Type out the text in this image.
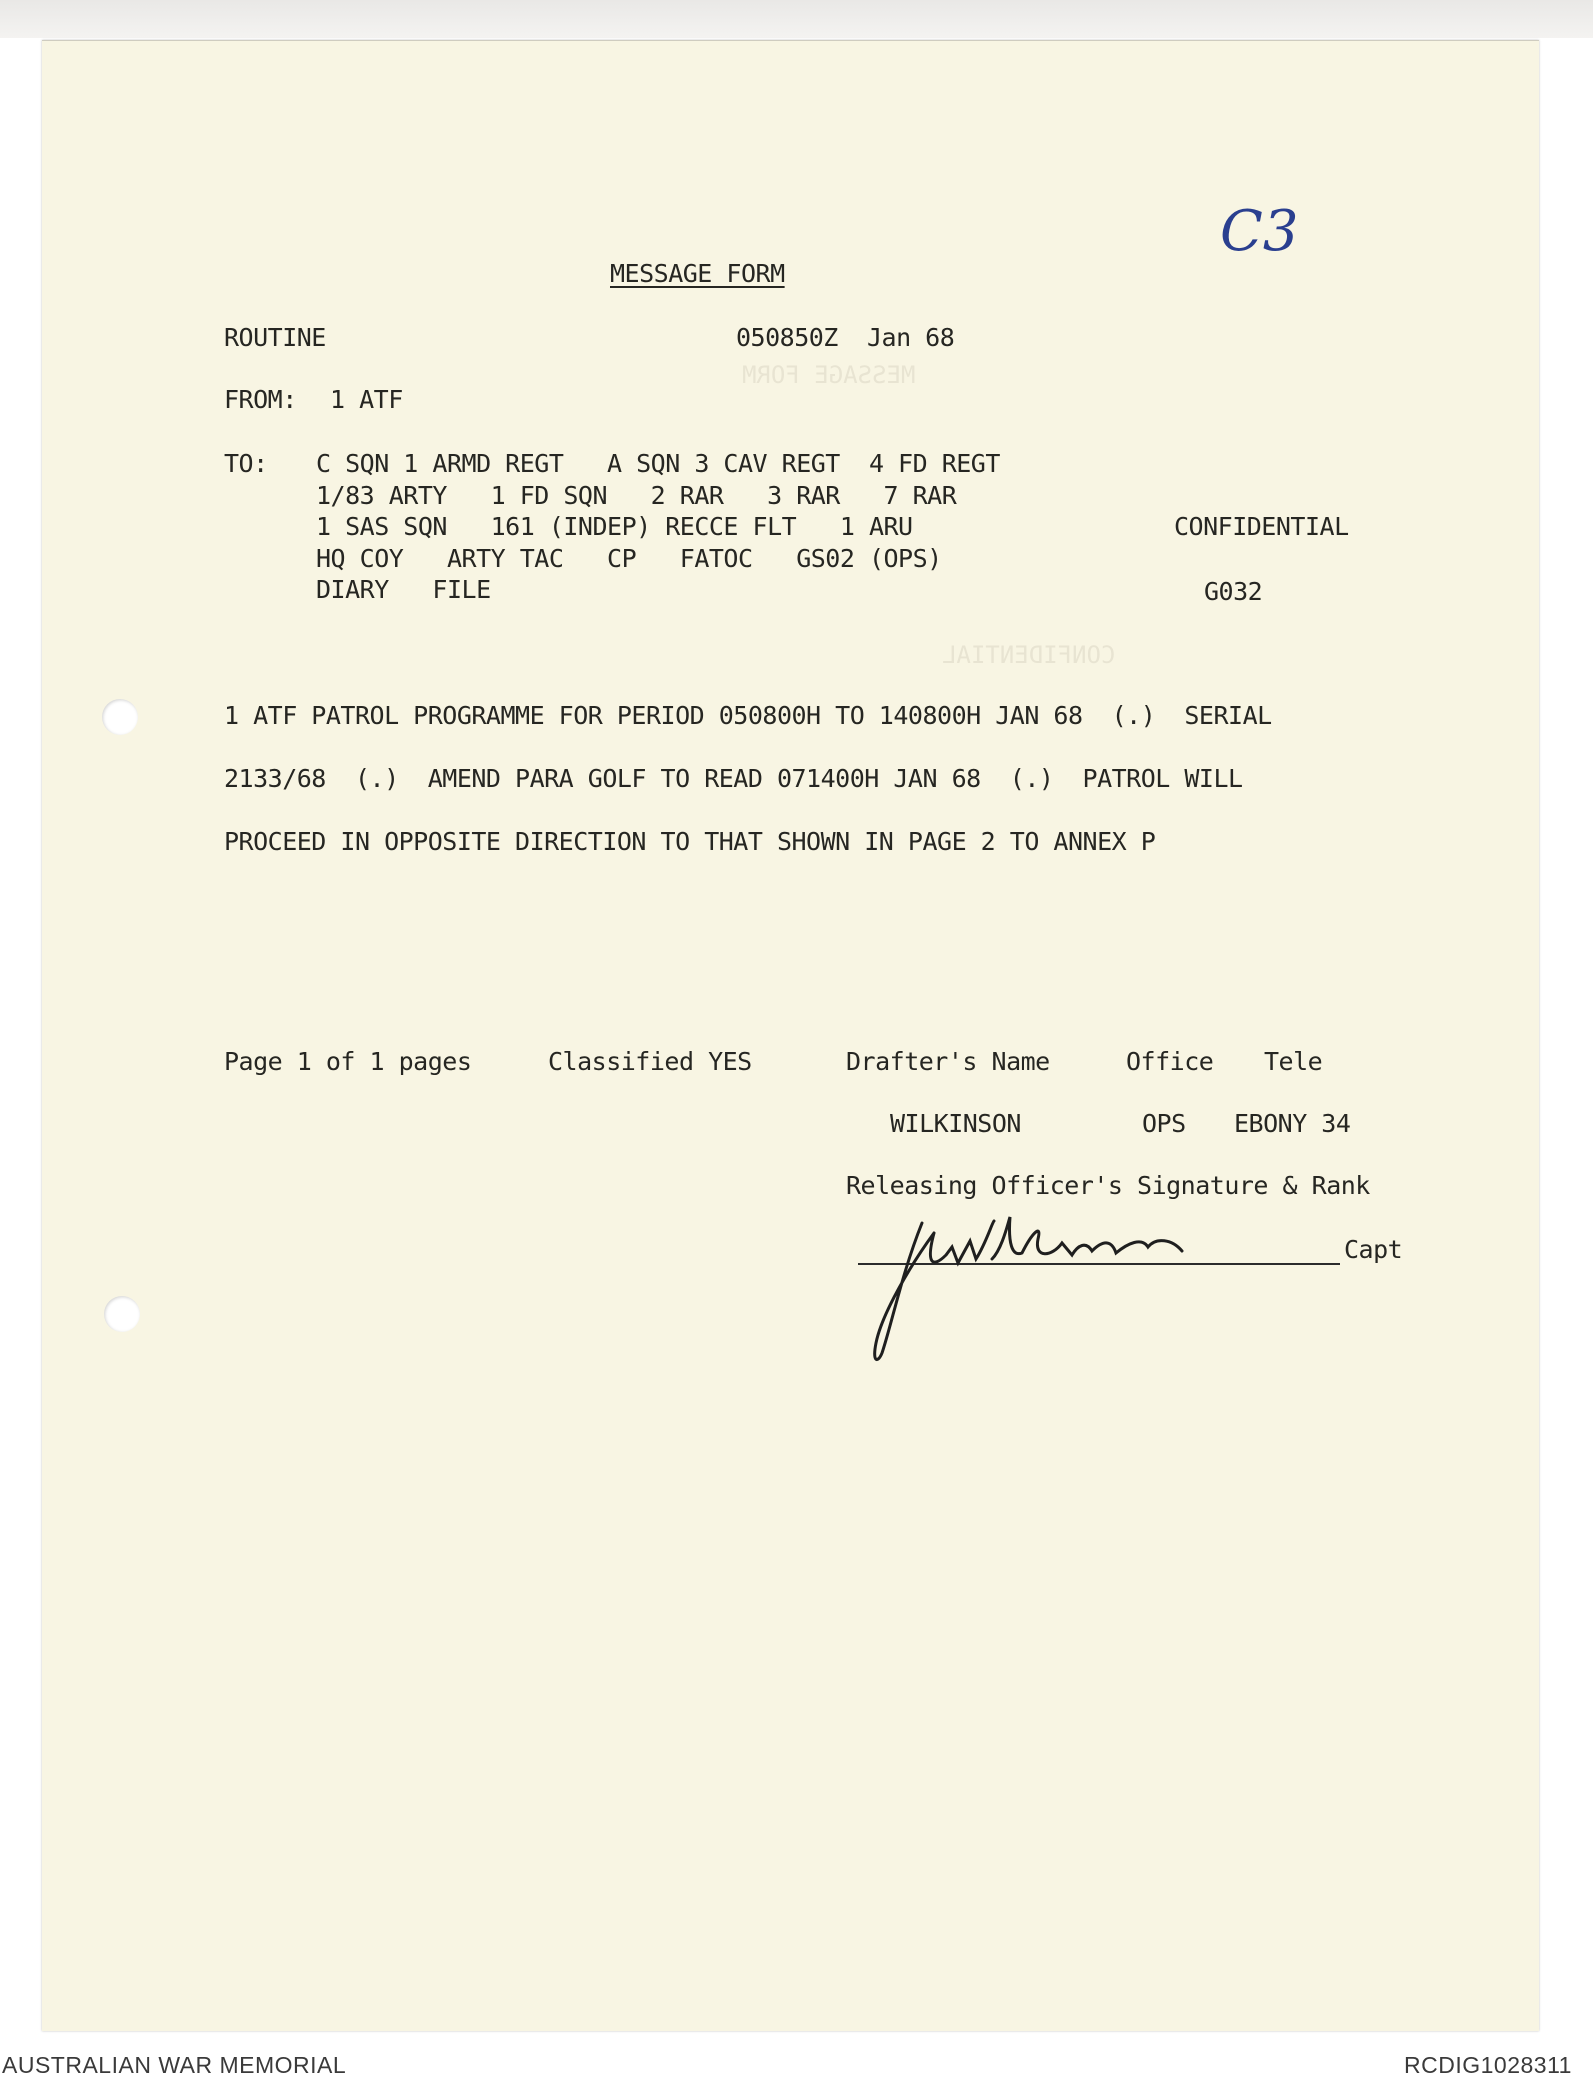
MESSAGE FORM
CONFIDENTIAL
C3
MESSAGE FORM
ROUTINE	050850Z  Jan 68
FROM: 1 ATF
TO: C SQN 1 ARMD REGT   A SQN 3 CAV REGT  4 FD REGT
1/83 ARTY   1 FD SQN   2 RAR   3 RAR   7 RAR
1 SAS SQN   161 (INDEP) RECCE FLT   1 ARU
HQ COY   ARTY TAC   CP   FATOC   GS02 (OPS)
DIARY   FILE
CONFIDENTIAL
G032
1 ATF PATROL PROGRAMME FOR PERIOD 050800H TO 140800H JAN 68  (.)  SERIAL
2133/68  (.)  AMEND PARA GOLF TO READ 071400H JAN 68  (.)  PATROL WILL
PROCEED IN OPPOSITE DIRECTION TO THAT SHOWN IN PAGE 2 TO ANNEX P
Page 1 of 1 pages	Classified YES	Drafter's Name	Office Tele
WILKINSON	OPS EBONY 34
Releasing Officer's Signature & Rank
Capt
AUSTRALIAN WAR MEMORIAL	RCDIG1028311
